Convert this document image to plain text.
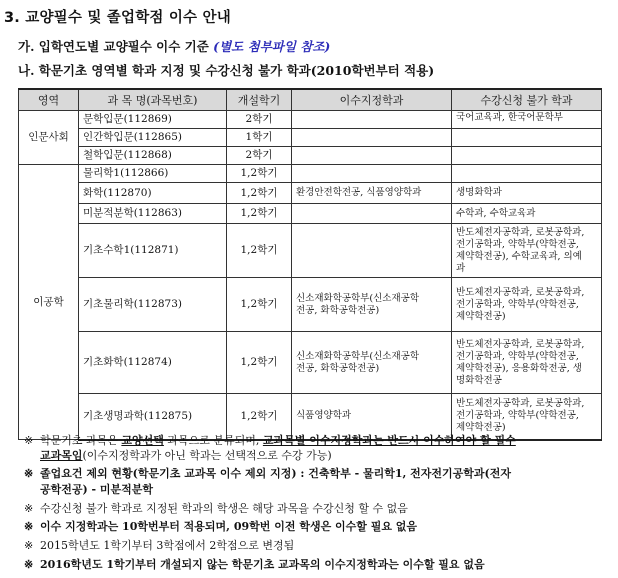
3. 교양필수 및 졸업학점 이수 안내
가. 입학연도별 교양필수 이수 기준 (별도 첨부파일 참조)
나. 학문기초 영역별 학과 지정 및 수강신청 불가 학과(2010학번부터 적용)
영역	과 목 명(과목번호)	개설학기	이수지정학과	수강신청 불가 학과
인문사회	문학입문(112869)	2학기		국어교육과, 한국어문학부
	인간학입문(112865)	1학기		
	철학입문(112868)	2학기		
이공학	물리학1(112866)	1,2학기		
	화학(112870)	1,2학기	환경안전학전공, 식품영양학과	생명화학과
	미분적분학(112863)	1,2학기		수학과, 수학교육과
	기초수학1(112871)	1,2학기		반도체전자공학과, 로봇공학과,
전기공학과, 약학부(약학전공,
제약학전공), 수학교육과, 의예
과
	기초물리학(112873)	1,2학기	신소재화학공학부(신소재공학
전공, 화학공학전공)	반도체전자공학과, 로봇공학과,
전기공학과, 약학부(약학전공,
제약학전공)
	기초화학(112874)	1,2학기	신소재화학공학부(신소재공학
전공, 화학공학전공)	반도체전자공학과, 로봇공학과,
전기공학과, 약학부(약학전공,
제약학전공), 응용화학전공, 생
명화학전공
	기초생명과학(112875)	1,2학기	식품영양학과	반도체전자공학과, 로봇공학과,
전기공학과, 약학부(약학전공,
제약학전공)
※ 학문기초 과목은 교양선택 과목으로 분류되며, 교과목별 이수지정학과는 반드시 이수하여야 할 필수
교과목임(이수지정학과가 아닌 학과는 선택적으로 수강 가능)
※ 졸업요건 제외 현황(학문기초 교과목 이수 제외 지정) : 건축학부 - 물리학1, 전자전기공학과(전자
공학전공) - 미분적분학
※ 수강신청 불가 학과로 지정된 학과의 학생은 해당 과목을 수강신청 할 수 없음
※ 이수 지정학과는 10학번부터 적용되며, 09학번 이전 학생은 이수할 필요 없음
※ 2015학년도 1학기부터 3학점에서 2학점으로 변경됨
※ 2016학년도 1학기부터 개설되지 않는 학문기초 교과목의 이수지정학과는 이수할 필요 없음
